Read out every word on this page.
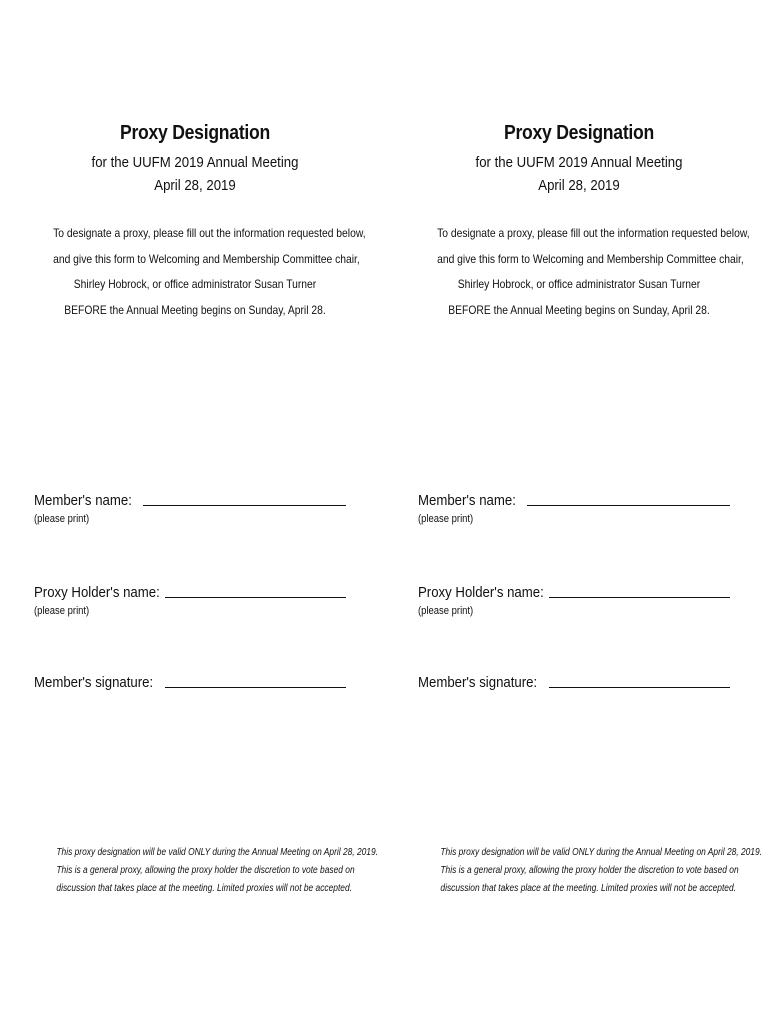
Proxy Designation
for the UUFM 2019 Annual Meeting
April 28, 2019
To designate a proxy, please fill out the information requested below,
and give this form to Welcoming and Membership Committee chair,
Shirley Hobrock, or office administrator Susan Turner
BEFORE the Annual Meeting begins on Sunday, April 28.
Member's name:
(please print)
Proxy Holder's name:
(please print)
Member's signature:
This proxy designation will be valid ONLY during the Annual Meeting on April 28, 2019.
This is a general proxy, allowing the proxy holder the discretion to vote based on
discussion that takes place at the meeting. Limited proxies will not be accepted.
Proxy Designation
for the UUFM 2019 Annual Meeting
April 28, 2019
To designate a proxy, please fill out the information requested below,
and give this form to Welcoming and Membership Committee chair,
Shirley Hobrock, or office administrator Susan Turner
BEFORE the Annual Meeting begins on Sunday, April 28.
Member's name:
(please print)
Proxy Holder's name:
(please print)
Member's signature:
This proxy designation will be valid ONLY during the Annual Meeting on April 28, 2019.
This is a general proxy, allowing the proxy holder the discretion to vote based on
discussion that takes place at the meeting. Limited proxies will not be accepted.
